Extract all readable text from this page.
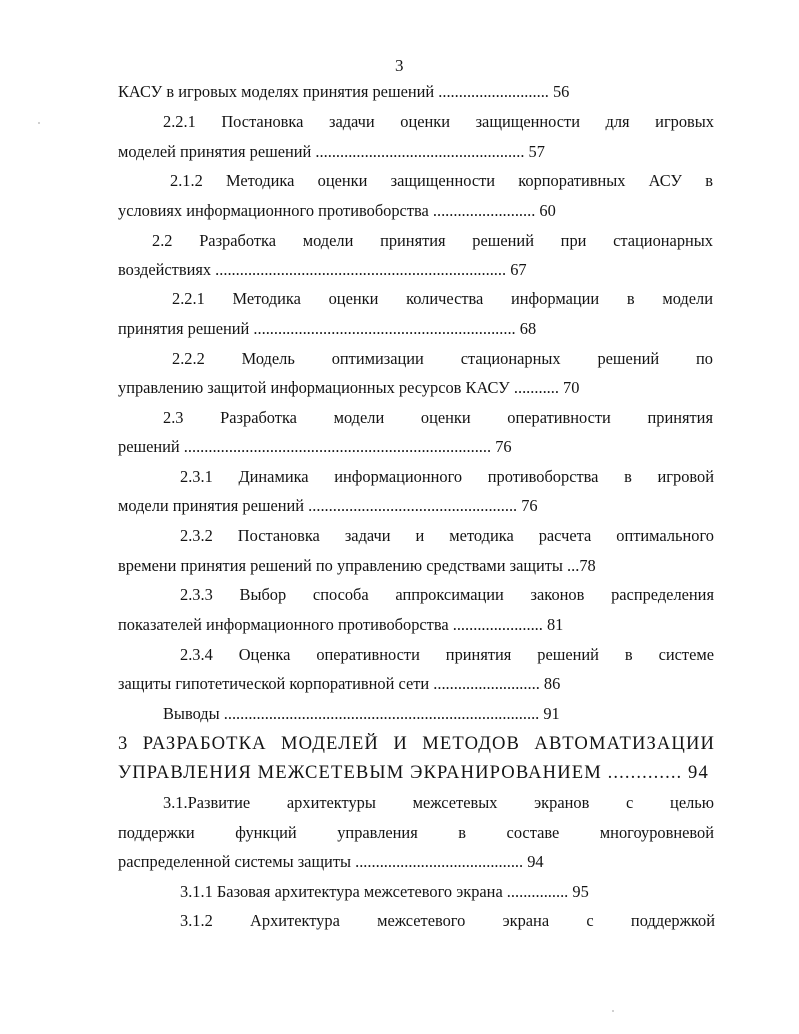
3
КАСУ в игровых моделях принятия решений ........................... 56
2.2.1 Постановка задачи оценки защищенности для игровых
моделей принятия решений ................................................... 57
2.1.2 Методика оценки защищенности корпоративных АСУ в
условиях информационного противоборства ......................... 60
2.2 Разработка модели принятия решений при стационарных
воздействиях ....................................................................... 67
2.2.1 Методика оценки количества информации в модели
принятия решений ................................................................ 68
2.2.2 Модель оптимизации стационарных решений по
управлению защитой информационных ресурсов КАСУ ........... 70
2.3 Разработка модели оценки оперативности принятия
решений ........................................................................... 76
2.3.1 Динамика информационного противоборства в игровой
модели принятия решений ................................................... 76
2.3.2 Постановка задачи и методика расчета оптимального
времени принятия решений по управлению средствами защиты ...78
2.3.3 Выбор способа аппроксимации законов распределения
показателей информационного противоборства ...................... 81
2.3.4 Оценка оперативности принятия решений в системе
защиты гипотетической корпоративной сети .......................... 86
Выводы ............................................................................. 91
3 РАЗРАБОТКА МОДЕЛЕЙ И МЕТОДОВ АВТОМАТИЗАЦИИ
УПРАВЛЕНИЯ МЕЖСЕТЕВЫМ ЭКРАНИРОВАНИЕМ ............. 94
3.1.Развитие архитектуры межсетевых экранов с целью
поддержки функций управления в составе многоуровневой
распределенной системы защиты ......................................... 94
3.1.1 Базовая архитектура межсетевого экрана ............... 95
3.1.2 Архитектура межсетевого экрана с поддержкой
